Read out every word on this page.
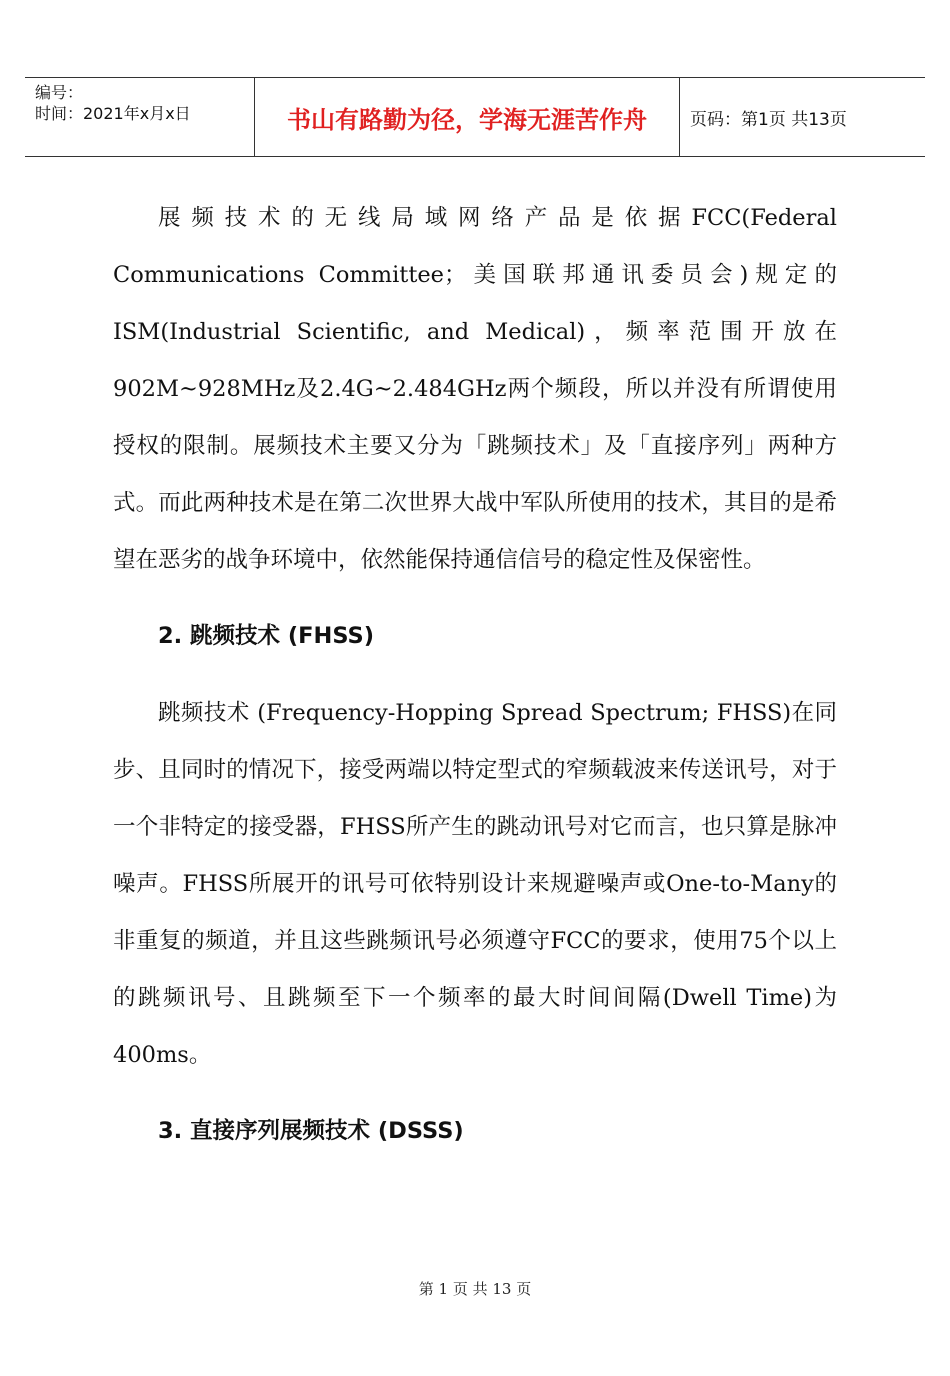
编号：
时间：2021年x月x日	书山有路勤为径，学海无涯苦作舟	页码：第1页 共13页

展频技术的无线局域网络产品是依据FCC(Federal Communications Committee；美国联邦通讯委员会)规定的ISM(Industrial Scientific, and Medical)，频率范围开放在902M~928MHz及2.4G~2.484GHz两个频段，所以并没有所谓使用授权的限制。展频技术主要又分为「跳频技术」及「直接序列」两种方式。而此两种技术是在第二次世界大战中军队所使用的技术，其目的是希望在恶劣的战争环境中，依然能保持通信信号的稳定性及保密性。

2. 跳频技术 (FHSS)

跳频技术 (Frequency-Hopping Spread Spectrum; FHSS)在同步、且同时的情况下，接受两端以特定型式的窄频载波来传送讯号，对于一个非特定的接受器，FHSS所产生的跳动讯号对它而言，也只算是脉冲噪声。FHSS所展开的讯号可依特别设计来规避噪声或One-to-Many的非重复的频道，并且这些跳频讯号必须遵守FCC的要求，使用75个以上的跳频讯号、且跳频至下一个频率的最大时间间隔(Dwell Time)为400ms。

3. 直接序列展频技术 (DSSS)

第 1 页 共 13 页
